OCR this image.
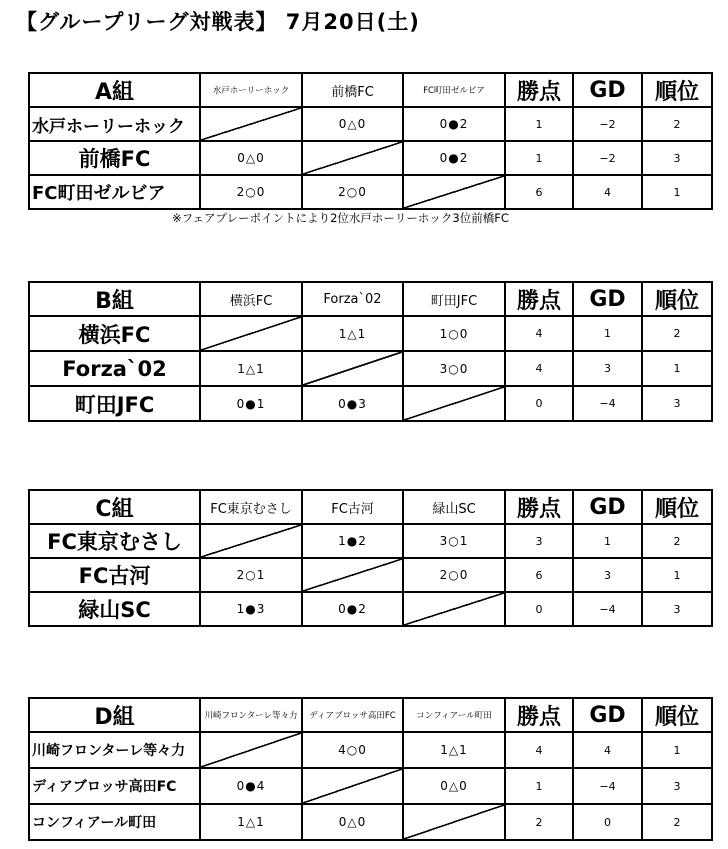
【グループリーグ対戦表】 7月20日(土)
A組	水戸ホーリーホック	前橋FC	FC町田ゼルビア	勝点	GD	順位
水戸ホーリーホック		0△0	0●2	1	−2	2
前橋FC	0△0		0●2	1	−2	3
FC町田ゼルビア	2○0	2○0		6	4	1
※フェアプレーポイントにより2位水戸ホーリーホック3位前橋FC
B組	横浜FC	Forza`02	町田JFC	勝点	GD	順位
横浜FC		1△1	1○0	4	1	2
Forza`02	1△1		3○0	4	3	1
町田JFC	0●1	0●3		0	−4	3
C組	FC東京むさし	FC古河	緑山SC	勝点	GD	順位
FC東京むさし		1●2	3○1	3	1	2
FC古河	2○1		2○0	6	3	1
緑山SC	1●3	0●2		0	−4	3
D組	川崎フロンターレ等々力	ディアブロッサ高田FC	コンフィアール町田	勝点	GD	順位
川崎フロンターレ等々力		4○0	1△1	4	4	1
ディアブロッサ高田FC	0●4		0△0	1	−4	3
コンフィアール町田	1△1	0△0		2	0	2
